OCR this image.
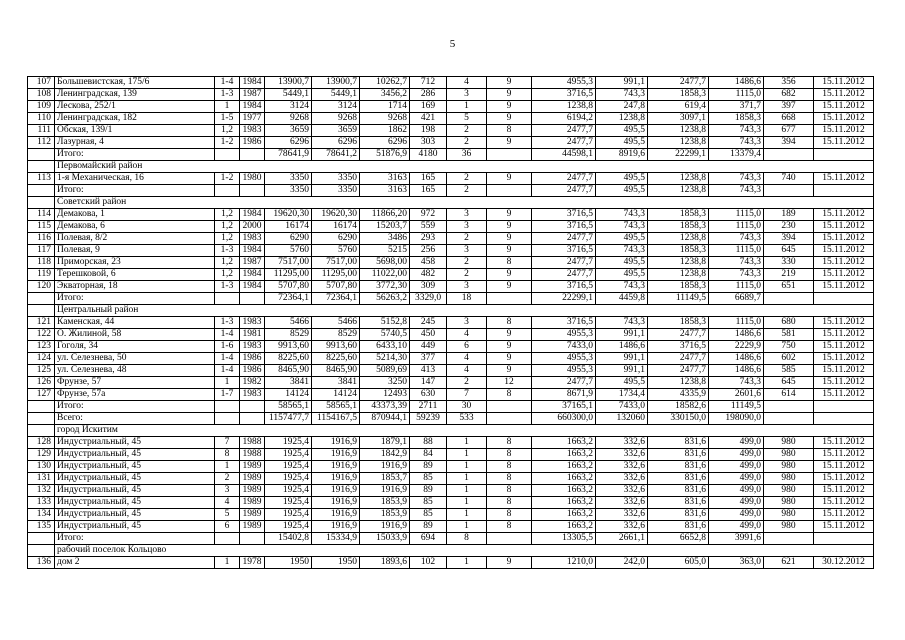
5
107	Большевистская, 175/6	1-4	1984	13900,7	13900,7	10262,7	712	4	9	4955,3	991,1	2477,7	1486,6	356	15.11.2012
108	Ленинградская, 139	1-3	1987	5449,1	5449,1	3456,2	286	3	9	3716,5	743,3	1858,3	1115,0	682	15.11.2012
109	Лескова, 252/1	1	1984	3124	3124	1714	169	1	9	1238,8	247,8	619,4	371,7	397	15.11.2012
110	Ленинградская, 182	1-5	1977	9268	9268	9268	421	5	9	6194,2	1238,8	3097,1	1858,3	668	15.11.2012
111	Обская, 139/1	1,2	1983	3659	3659	1862	198	2	8	2477,7	495,5	1238,8	743,3	677	15.11.2012
112	Лазурная, 4	1-2	1986	6296	6296	6296	303	2	9	2477,7	495,5	1238,8	743,3	394	15.11.2012
	Итого:			78641,9	78641,2	51876,9	4180	36		44598,1	8919,6	22299,1	13379,4		
	Первомайский район														
113	1-я Механическая, 16	1-2	1980	3350	3350	3163	165	2	9	2477,7	495,5	1238,8	743,3	740	15.11.2012
	Итого:			3350	3350	3163	165	2		2477,7	495,5	1238,8	743,3		
	Советский район														
114	Демакова, 1	1,2	1984	19620,30	19620,30	11866,20	972	3	9	3716,5	743,3	1858,3	1115,0	189	15.11.2012
115	Демакова, 6	1,2	2000	16174	16174	15203,7	559	3	9	3716,5	743,3	1858,3	1115,0	230	15.11.2012
116	Полевая, 8/2	1,2	1983	6290	6290	3486	293	2	9	2477,7	495,5	1238,8	743,3	394	15.11.2012
117	Полевая, 9	1-3	1984	5760	5760	5215	256	3	9	3716,5	743,3	1858,3	1115,0	645	15.11.2012
118	Приморская, 23	1,2	1987	7517,00	7517,00	5698,00	458	2	8	2477,7	495,5	1238,8	743,3	330	15.11.2012
119	Терешковой, 6	1,2	1984	11295,00	11295,00	11022,00	482	2	9	2477,7	495,5	1238,8	743,3	219	15.11.2012
120	Экваторная, 18	1-3	1984	5707,80	5707,80	3772,30	309	3	9	3716,5	743,3	1858,3	1115,0	651	15.11.2012
	Итого:			72364,1	72364,1	56263,2	3329,0	18		22299,1	4459,8	11149,5	6689,7		
	Центральный район														
121	Каменская, 44	1-3	1983	5466	5466	5152,8	245	3	8	3716,5	743,3	1858,3	1115,0	680	15.11.2012
122	О. Жилиной, 58	1-4	1981	8529	8529	5740,5	450	4	9	4955,3	991,1	2477,7	1486,6	581	15.11.2012
123	Гоголя, 34	1-6	1983	9913,60	9913,60	6433,10	449	6	9	7433,0	1486,6	3716,5	2229,9	750	15.11.2012
124	ул. Селезнева, 50	1-4	1986	8225,60	8225,60	5214,30	377	4	9	4955,3	991,1	2477,7	1486,6	602	15.11.2012
125	ул. Селезнева, 48	1-4	1986	8465,90	8465,90	5089,69	413	4	9	4955,3	991,1	2477,7	1486,6	585	15.11.2012
126	Фрунзе, 57	1	1982	3841	3841	3250	147	2	12	2477,7	495,5	1238,8	743,3	645	15.11.2012
127	Фрунзе, 57а	1-7	1983	14124	14124	12493	630	7	8	8671,9	1734,4	4335,9	2601,6	614	15.11.2012
	Итого:			58565,1	58565,1	43373,39	2711	30		37165,1	7433,0	18582,6	11149,5		
	Всего:			1157477,7	1154167,5	870944,1	59239	533		660300,0	132060	330150,0	198090,0		
	город Искитим														
128	Индустриальный, 45	7	1988	1925,4	1916,9	1879,1	88	1	8	1663,2	332,6	831,6	499,0	980	15.11.2012
129	Индустриальный, 45	8	1988	1925,4	1916,9	1842,9	84	1	8	1663,2	332,6	831,6	499,0	980	15.11.2012
130	Индустриальный, 45	1	1989	1925,4	1916,9	1916,9	89	1	8	1663,2	332,6	831,6	499,0	980	15.11.2012
131	Индустриальный, 45	2	1989	1925,4	1916,9	1853,7	85	1	8	1663,2	332,6	831,6	499,0	980	15.11.2012
132	Индустриальный, 45	3	1989	1925,4	1916,9	1916,9	89	1	8	1663,2	332,6	831,6	499,0	980	15.11.2012
133	Индустриальный, 45	4	1989	1925,4	1916,9	1853,9	85	1	8	1663,2	332,6	831,6	499,0	980	15.11.2012
134	Индустриальный, 45	5	1989	1925,4	1916,9	1853,9	85	1	8	1663,2	332,6	831,6	499,0	980	15.11.2012
135	Индустриальный, 45	6	1989	1925,4	1916,9	1916,9	89	1	8	1663,2	332,6	831,6	499,0	980	15.11.2012
	Итого:			15402,8	15334,9	15033,9	694	8		13305,5	2661,1	6652,8	3991,6		
	рабочий поселок Кольцово														
136	дом 2	1	1978	1950	1950	1893,6	102	1	9	1210,0	242,0	605,0	363,0	621	30.12.2012
